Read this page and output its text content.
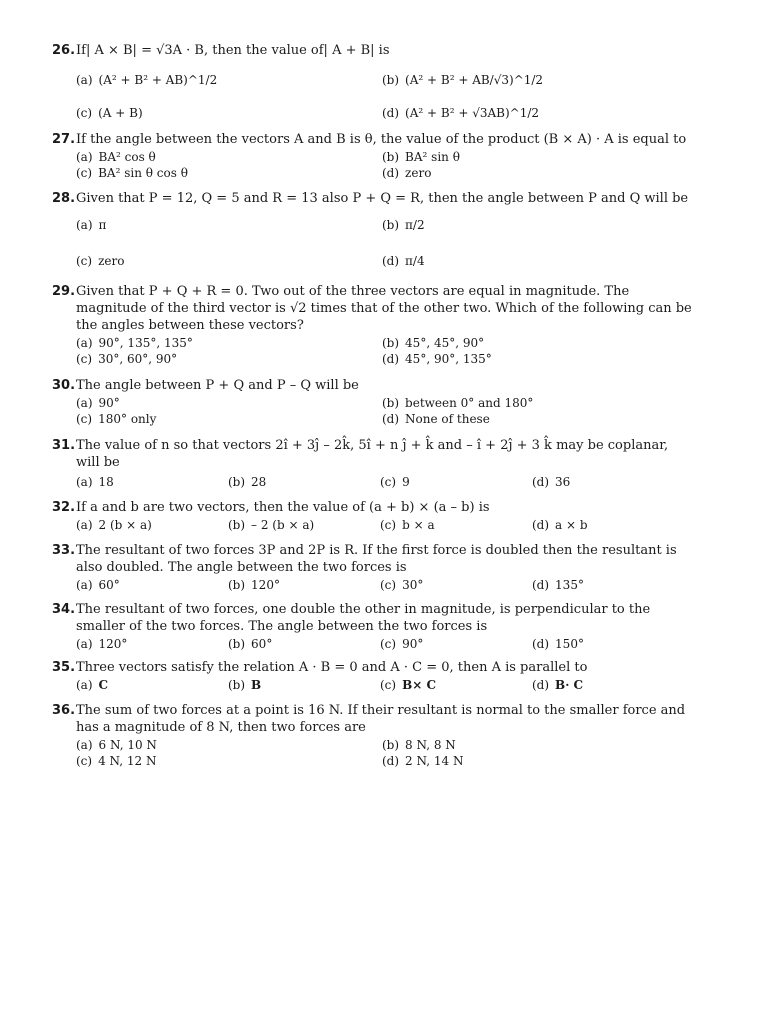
26. If| A × B| = √3A · B, then the value of| A + B| is
(a) (A² + B² + AB)^1/2	(b) (A² + B² + AB/√3)^1/2
(c) (A + B)	(d) (A² + B² + √3AB)^1/2
27. If the angle between the vectors A and B is θ, the value of the product (B × A) · A is equal to
(a) BA² cos θ	(b) BA² sin θ
(c) BA² sin θ cos θ	(d) zero
28. Given that P = 12, Q = 5 and R = 13 also P + Q = R, then the angle between P and Q will be
(a) π	(b) π/2
(c) zero	(d) π/4
29. Given that P + Q + R = 0. Two out of the three vectors are equal in magnitude. The magnitude of the third vector is √2 times that of the other two. Which of the following can be the angles between these vectors?
(a) 90°, 135°, 135°	(b) 45°, 45°, 90°
(c) 30°, 60°, 90°	(d) 45°, 90°, 135°
30. The angle between P + Q and P – Q will be
(a) 90°	(b) between 0° and 180°
(c) 180° only	(d) None of these
31. The value of n so that vectors 2î + 3ĵ – 2k̂, 5î + n ĵ + k̂ and – î + 2ĵ + 3 k̂ may be coplanar, will be
(a) 18	(b) 28	(c) 9	(d) 36
32. If a and b are two vectors, then the value of (a + b) × (a – b) is
(a) 2 (b × a)	(b) – 2 (b × a)	(c) b × a	(d) a × b
33. The resultant of two forces 3P and 2P is R. If the first force is doubled then the resultant is also doubled. The angle between the two forces is
(a) 60°	(b) 120°	(c) 30°	(d) 135°
34. The resultant of two forces, one double the other in magnitude, is perpendicular to the smaller of the two forces. The angle between the two forces is
(a) 120°	(b) 60°	(c) 90°	(d) 150°
35. Three vectors satisfy the relation A · B = 0 and A · C = 0, then A is parallel to
(a) C	(b) B	(c) B× C	(d) B· C
36. The sum of two forces at a point is 16 N. If their resultant is normal to the smaller force and has a magnitude of 8 N, then two forces are
(a) 6 N, 10 N	(b) 8 N, 8 N
(c) 4 N, 12 N	(d) 2 N, 14 N
